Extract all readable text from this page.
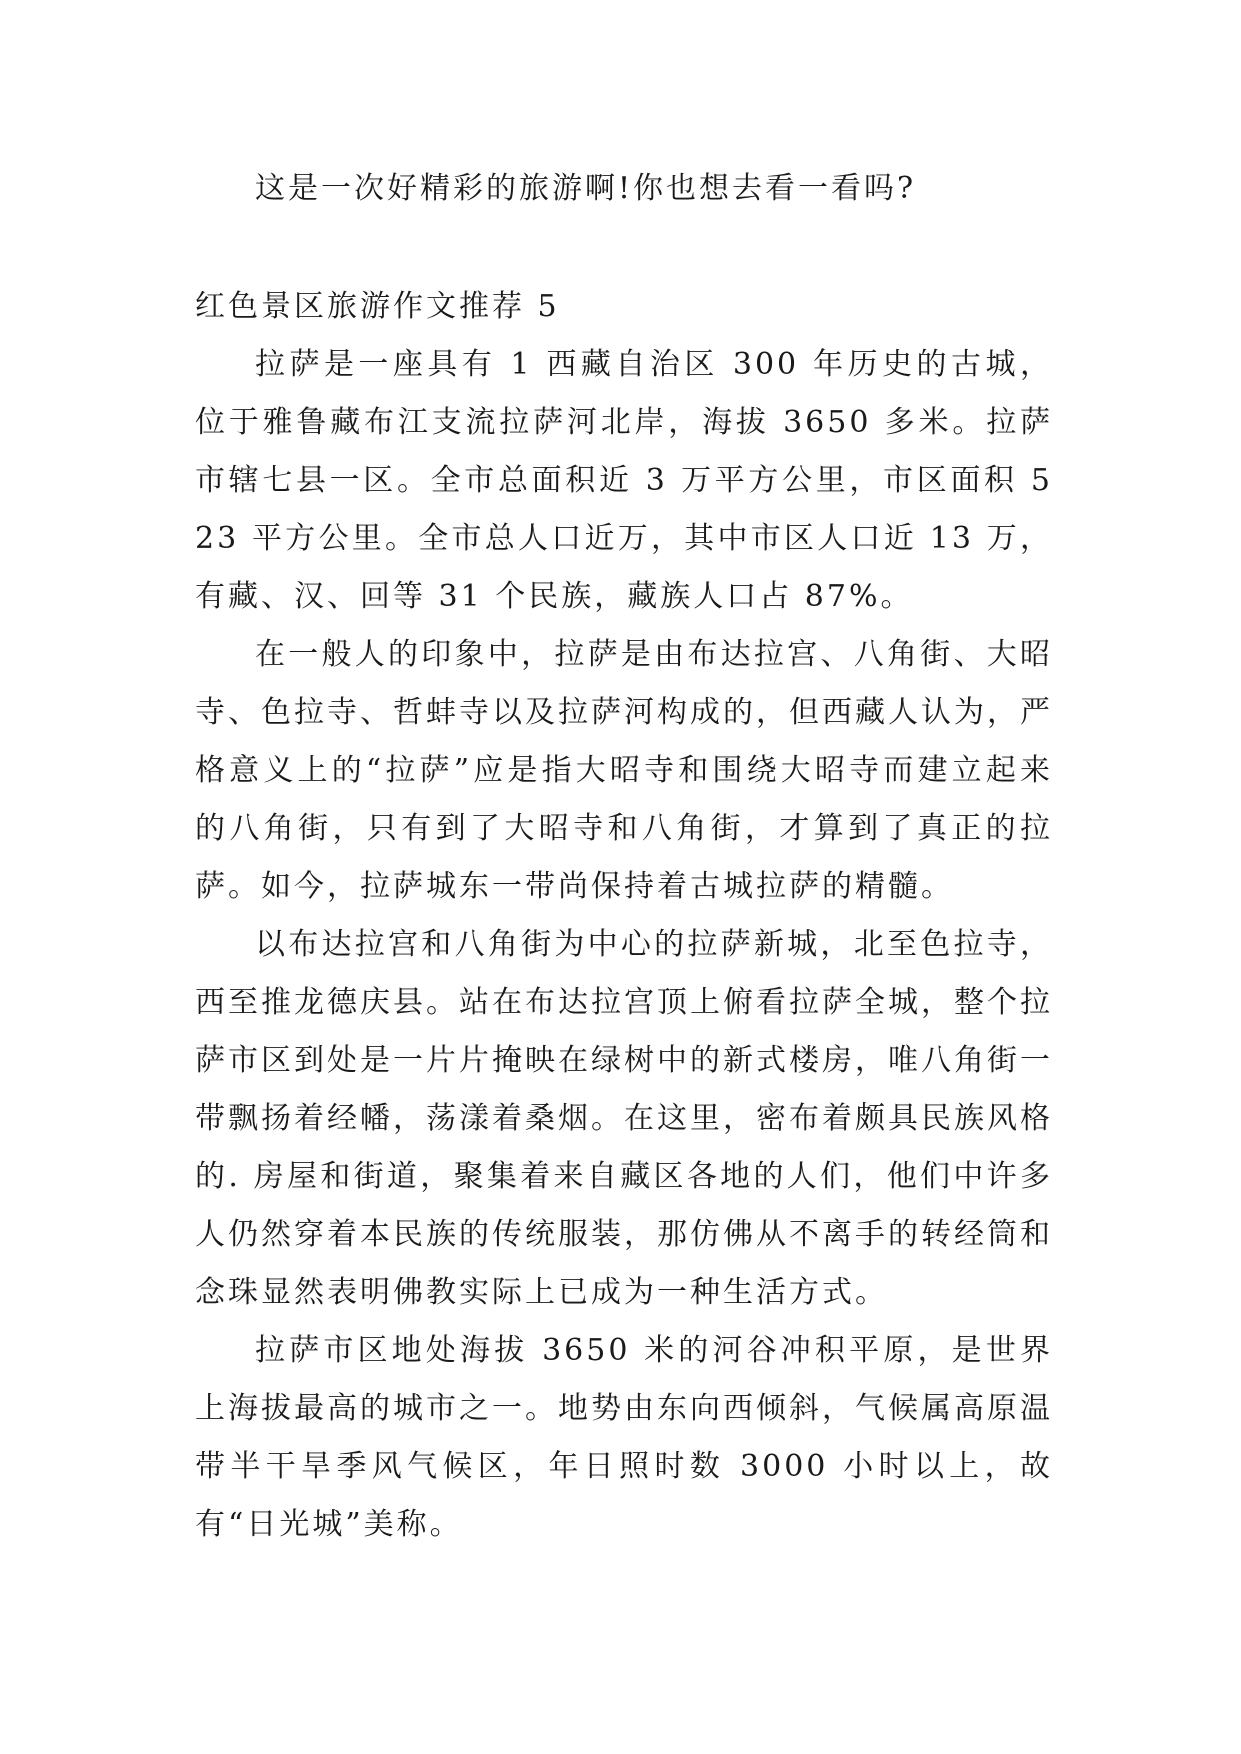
这是一次好精彩的旅游啊!你也想去看一看吗?

红色景区旅游作文推荐 5

拉萨是一座具有 1 西藏自治区 300 年历史的古城，位于雅鲁藏布江支流拉萨河北岸，海拔 3650 多米。拉萨市辖七县一区。全市总面积近 3 万平方公里，市区面积 523 平方公里。全市总人口近万，其中市区人口近 13 万，有藏、汉、回等 31 个民族，藏族人口占 87%。

在一般人的印象中，拉萨是由布达拉宫、八角街、大昭寺、色拉寺、哲蚌寺以及拉萨河构成的，但西藏人认为，严格意义上的“拉萨”应是指大昭寺和围绕大昭寺而建立起来的八角街，只有到了大昭寺和八角街，才算到了真正的拉萨。如今，拉萨城东一带尚保持着古城拉萨的精髓。

以布达拉宫和八角街为中心的拉萨新城，北至色拉寺，西至推龙德庆县。站在布达拉宫顶上俯看拉萨全城，整个拉萨市区到处是一片片掩映在绿树中的新式楼房，唯八角街一带飘扬着经幡，荡漾着桑烟。在这里，密布着颇具民族风格的. 房屋和街道，聚集着来自藏区各地的人们，他们中许多人仍然穿着本民族的传统服装，那仿佛从不离手的转经筒和念珠显然表明佛教实际上已成为一种生活方式。

拉萨市区地处海拔 3650 米的河谷冲积平原，是世界上海拔最高的城市之一。地势由东向西倾斜，气候属高原温带半干旱季风气候区，年日照时数 3000 小时以上，故有“日光城”美称。
